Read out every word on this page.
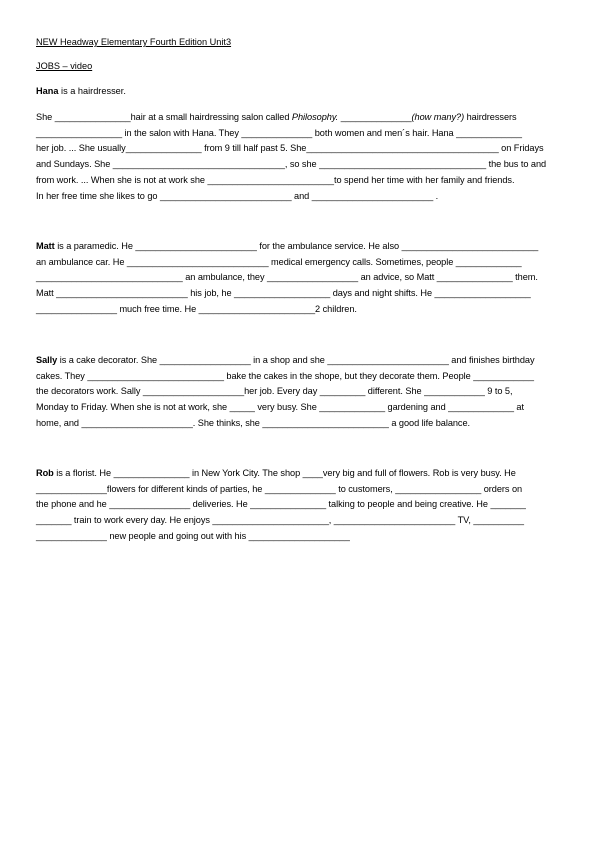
NEW Headway Elementary Fourth Edition Unit3
JOBS – video
Hana is a hairdresser.
She _______________hair at a small hairdressing salon called Philosophy. ______________(how many?) hairdressers
_________________ in the salon with Hana. They ______________ both women and men´s hair. Hana _____________
her job. ... She usually_______________ from 9 till half past 5. She______________________________________ on Fridays
and Sundays. She __________________________________, so she _________________________________ the bus to and
from work. ... When she is not at work she _________________________to spend her time with her family and friends.
In her free time she likes to go __________________________ and ________________________ .
Matt is a paramedic. He ________________________ for the ambulance service. He also ___________________________
an ambulance car. He ____________________________ medical emergency calls. Sometimes, people _____________
_____________________________ an ambulance, they __________________ an advice, so Matt _______________ them.
Matt __________________________ his job, he ___________________ days and night shifts. He ___________________
________________ much free time. He _______________________2 children.
Sally is a cake decorator. She __________________ in a shop and she ________________________ and finishes birthday
cakes. They ___________________________ bake the cakes in the shope, but they decorate them. People ____________
the decorators work. Sally ____________________her job. Every day _________ different. She ____________ 9 to 5,
Monday to Friday. When she is not at work, she _____ very busy. She _____________ gardening and _____________ at
home, and ______________________. She thinks, she _________________________ a good life balance.
Rob is a florist. He _______________ in New York City. The shop ____very big and full of flowers. Rob is very busy. He
______________flowers for different kinds of parties, he ______________ to customers, _________________ orders on
the phone and he ________________ deliveries. He _______________ talking to people and being creative. He _______
_______ train to work every day. He enjoys _______________________, ________________________ TV, __________
______________ new people and going out with his ____________________
